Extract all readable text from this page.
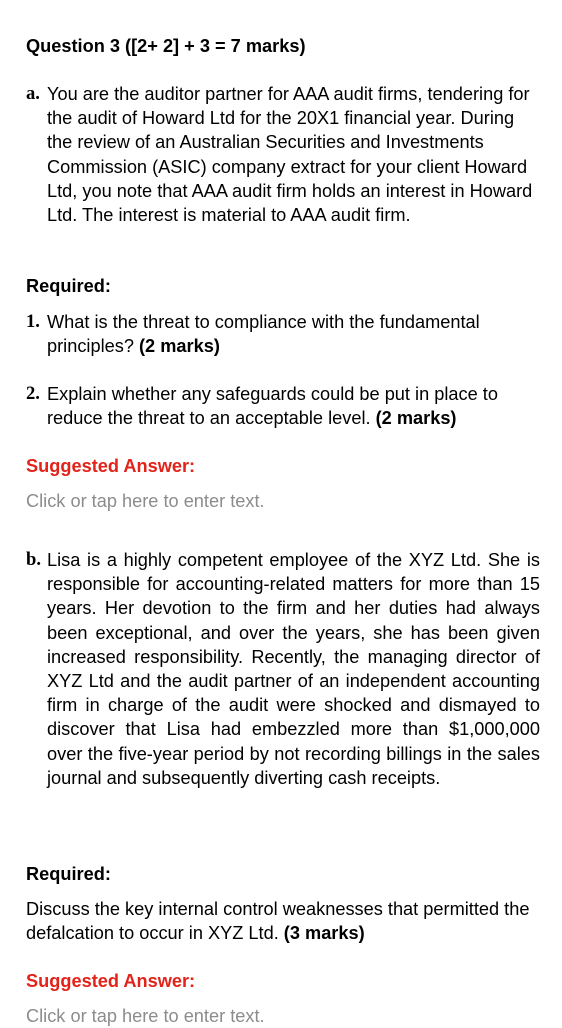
Question 3 ([2+ 2] + 3 = 7 marks)
a. You are the auditor partner for AAA audit firms, tendering for the audit of Howard Ltd for the 20X1 financial year. During the review of an Australian Securities and Investments Commission (ASIC) company extract for your client Howard Ltd, you note that AAA audit firm holds an interest in Howard Ltd. The interest is material to AAA audit firm.
Required:
1. What is the threat to compliance with the fundamental principles? (2 marks)
2. Explain whether any safeguards could be put in place to reduce the threat to an acceptable level. (2 marks)
Suggested Answer:
Click or tap here to enter text.
b. Lisa is a highly competent employee of the XYZ Ltd. She is responsible for accounting-related matters for more than 15 years. Her devotion to the firm and her duties had always been exceptional, and over the years, she has been given increased responsibility. Recently, the managing director of XYZ Ltd and the audit partner of an independent accounting firm in charge of the audit were shocked and dismayed to discover that Lisa had embezzled more than $1,000,000 over the five-year period by not recording billings in the sales journal and subsequently diverting cash receipts.
Required:
Discuss the key internal control weaknesses that permitted the defalcation to occur in XYZ Ltd. (3 marks)
Suggested Answer:
Click or tap here to enter text.
